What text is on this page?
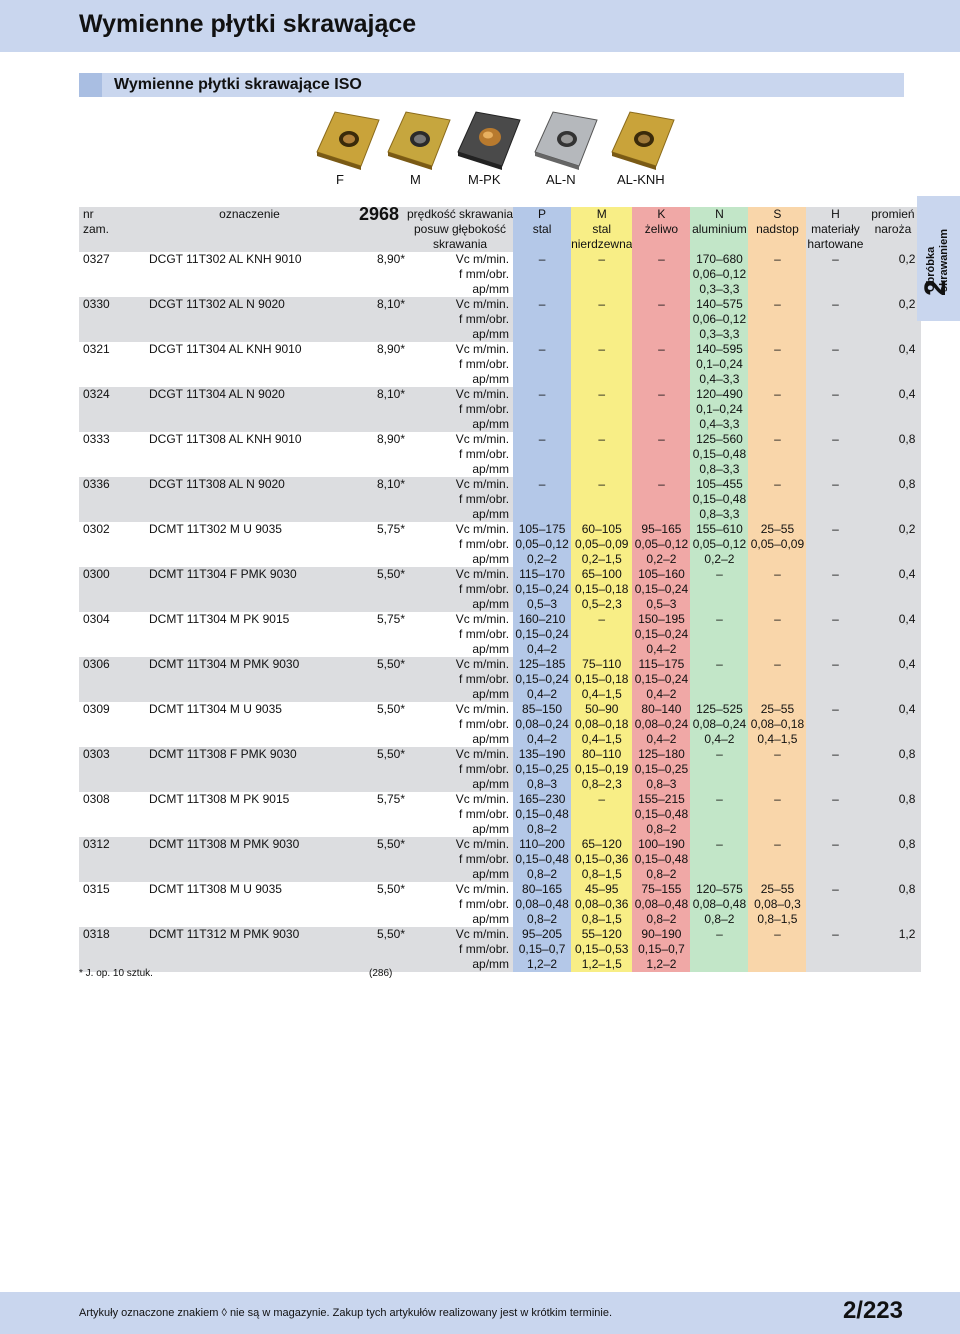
Wymienne płytki skrawające
Wymienne płytki skrawające ISO
F	M	M-PK	AL-N	AL-KNH
nr	oznaczenie	2968	prędkość skrawania	P	M	K	N	S	H	promień
zam.			posuw głębokość	stal	stal	żeliwo	aluminium	nadstop	materiały	naroża
			skrawania		nierdzewna				hartowane	
0327	DCGT 11T302 AL KNH 9010	8,90*	Vc m/min.	–	–	–	170–680	–	–	0,2
			f mm/obr.				0,06–0,12			
			ap/mm				0,3–3,3			
0330	DCGT 11T302 AL N 9020	8,10*	Vc m/min.	–	–	–	140–575	–	–	0,2
			f mm/obr.				0,06–0,12			
			ap/mm				0,3–3,3			
0321	DCGT 11T304 AL KNH 9010	8,90*	Vc m/min.	–	–	–	140–595	–	–	0,4
			f mm/obr.				0,1–0,24			
			ap/mm				0,4–3,3			
0324	DCGT 11T304 AL N 9020	8,10*	Vc m/min.	–	–	–	120–490	–	–	0,4
			f mm/obr.				0,1–0,24			
			ap/mm				0,4–3,3			
0333	DCGT 11T308 AL KNH 9010	8,90*	Vc m/min.	–	–	–	125–560	–	–	0,8
			f mm/obr.				0,15–0,48			
			ap/mm				0,8–3,3			
0336	DCGT 11T308 AL N 9020	8,10*	Vc m/min.	–	–	–	105–455	–	–	0,8
			f mm/obr.				0,15–0,48			
			ap/mm				0,8–3,3			
0302	DCMT 11T302 M U 9035	5,75*	Vc m/min.	105–175	60–105	95–165	155–610	25–55	–	0,2
			f mm/obr.	0,05–0,12	0,05–0,09	0,05–0,12	0,05–0,12	0,05–0,09		
			ap/mm	0,2–2	0,2–1,5	0,2–2	0,2–2			
0300	DCMT 11T304 F PMK 9030	5,50*	Vc m/min.	115–170	65–100	105–160	–	–	–	0,4
			f mm/obr.	0,15–0,24	0,15–0,18	0,15–0,24				
			ap/mm	0,5–3	0,5–2,3	0,5–3				
0304	DCMT 11T304 M PK 9015	5,75*	Vc m/min.	160–210	–	150–195	–	–	–	0,4
			f mm/obr.	0,15–0,24		0,15–0,24				
			ap/mm	0,4–2		0,4–2				
0306	DCMT 11T304 M PMK 9030	5,50*	Vc m/min.	125–185	75–110	115–175	–	–	–	0,4
			f mm/obr.	0,15–0,24	0,15–0,18	0,15–0,24				
			ap/mm	0,4–2	0,4–1,5	0,4–2				
0309	DCMT 11T304 M U 9035	5,50*	Vc m/min.	85–150	50–90	80–140	125–525	25–55	–	0,4
			f mm/obr.	0,08–0,24	0,08–0,18	0,08–0,24	0,08–0,24	0,08–0,18		
			ap/mm	0,4–2	0,4–1,5	0,4–2	0,4–2	0,4–1,5		
0303	DCMT 11T308 F PMK 9030	5,50*	Vc m/min.	135–190	80–110	125–180	–	–	–	0,8
			f mm/obr.	0,15–0,25	0,15–0,19	0,15–0,25				
			ap/mm	0,8–3	0,8–2,3	0,8–3				
0308	DCMT 11T308 M PK 9015	5,75*	Vc m/min.	165–230	–	155–215	–	–	–	0,8
			f mm/obr.	0,15–0,48		0,15–0,48				
			ap/mm	0,8–2		0,8–2				
0312	DCMT 11T308 M PMK 9030	5,50*	Vc m/min.	110–200	65–120	100–190	–	–	–	0,8
			f mm/obr.	0,15–0,48	0,15–0,36	0,15–0,48				
			ap/mm	0,8–2	0,8–1,5	0,8–2				
0315	DCMT 11T308 M U 9035	5,50*	Vc m/min.	80–165	45–95	75–155	120–575	25–55	–	0,8
			f mm/obr.	0,08–0,48	0,08–0,36	0,08–0,48	0,08–0,48	0,08–0,3		
			ap/mm	0,8–2	0,8–1,5	0,8–2	0,8–2	0,8–1,5		
0318	DCMT 11T312 M PMK 9030	5,50*	Vc m/min.	95–205	55–120	90–190	–	–	–	1,2
			f mm/obr.	0,15–0,7	0,15–0,53	0,15–0,7				
			ap/mm	1,2–2	1,2–1,5	1,2–2				
* J. op. 10 sztuk.	(286)
2
Obróbka skrawaniem
Artykuły oznaczone znakiem ◊ nie są w magazynie. Zakup tych artykułów realizowany jest w krótkim terminie.	2/223
